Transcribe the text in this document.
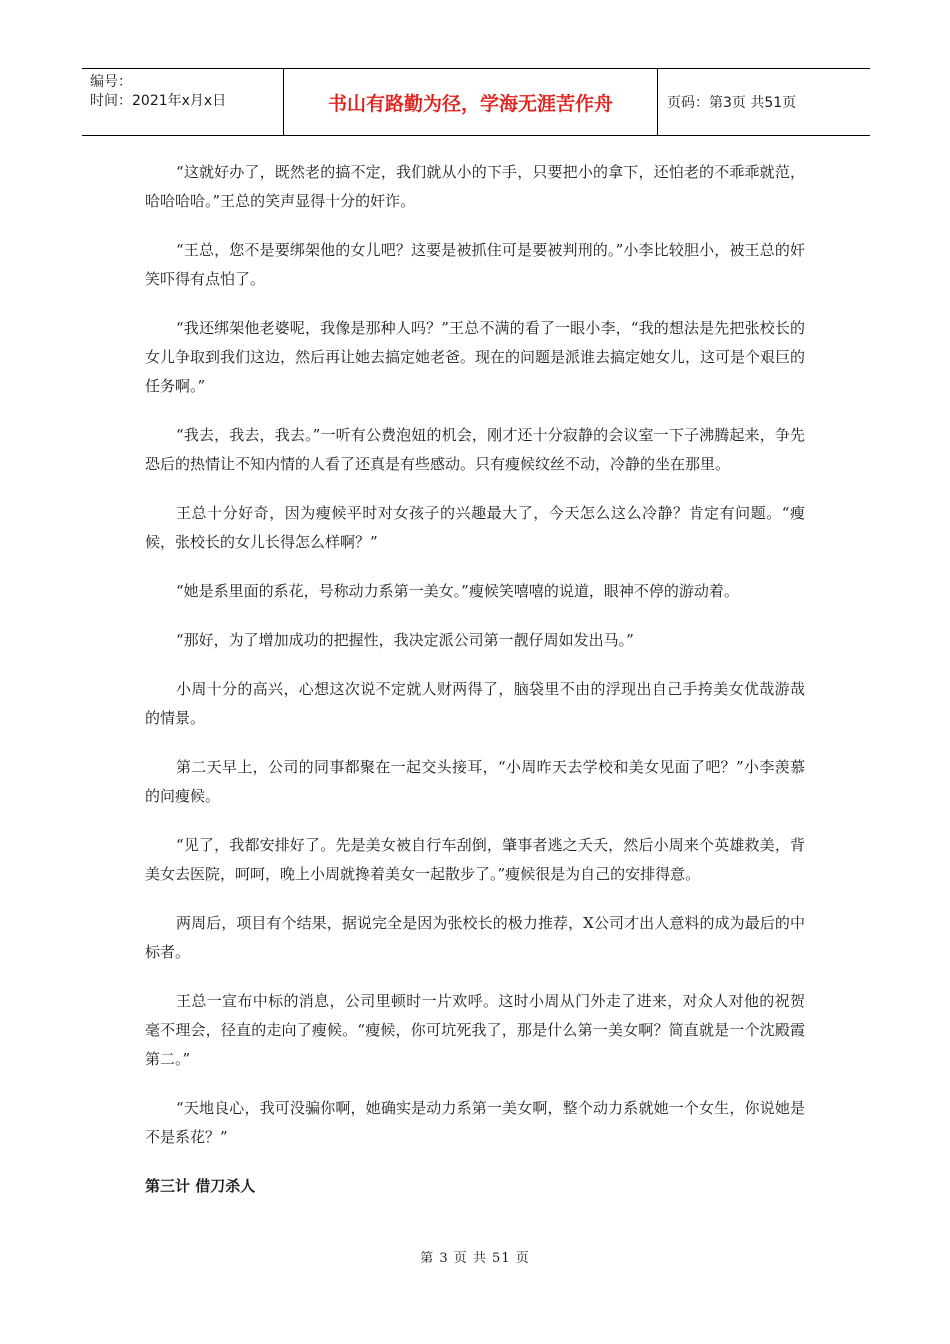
编号：
时间：2021年x月x日	书山有路勤为径，学海无涯苦作舟	页码：第3页 共51页

“这就好办了，既然老的搞不定，我们就从小的下手，只要把小的拿下，还怕老的不乖乖就范，哈哈哈哈。”王总的笑声显得十分的奸诈。

“王总，您不是要绑架他的女儿吧？这要是被抓住可是要被判刑的。”小李比较胆小，被王总的奸笑吓得有点怕了。

“我还绑架他老婆呢，我像是那种人吗？”王总不满的看了一眼小李，“我的想法是先把张校长的女儿争取到我们这边，然后再让她去搞定她老爸。现在的问题是派谁去搞定她女儿，这可是个艰巨的任务啊。”

“我去，我去，我去。”一听有公费泡妞的机会，刚才还十分寂静的会议室一下子沸腾起来，争先恐后的热情让不知内情的人看了还真是有些感动。只有瘦候纹丝不动，冷静的坐在那里。

王总十分好奇，因为瘦候平时对女孩子的兴趣最大了，今天怎么这么冷静？肯定有问题。“瘦候，张校长的女儿长得怎么样啊？”

“她是系里面的系花，号称动力系第一美女。”瘦候笑嘻嘻的说道，眼神不停的游动着。

“那好，为了增加成功的把握性，我决定派公司第一靓仔周如发出马。”

小周十分的高兴，心想这次说不定就人财两得了，脑袋里不由的浮现出自己手挎美女优哉游哉的情景。

第二天早上，公司的同事都聚在一起交头接耳，“小周昨天去学校和美女见面了吧？”小李羡慕的问瘦候。

“见了，我都安排好了。先是美女被自行车刮倒，肇事者逃之夭夭，然后小周来个英雄救美，背美女去医院，呵呵，晚上小周就搀着美女一起散步了。”瘦候很是为自己的安排得意。

两周后，项目有个结果，据说完全是因为张校长的极力推荐，X公司才出人意料的成为最后的中标者。

王总一宣布中标的消息，公司里顿时一片欢呼。这时小周从门外走了进来，对众人对他的祝贺毫不理会，径直的走向了瘦候。“瘦候，你可坑死我了，那是什么第一美女啊？简直就是一个沈殿霞第二。”

“天地良心，我可没骗你啊，她确实是动力系第一美女啊，整个动力系就她一个女生，你说她是不是系花？”

第三计 借刀杀人

第 3 页 共 51 页
